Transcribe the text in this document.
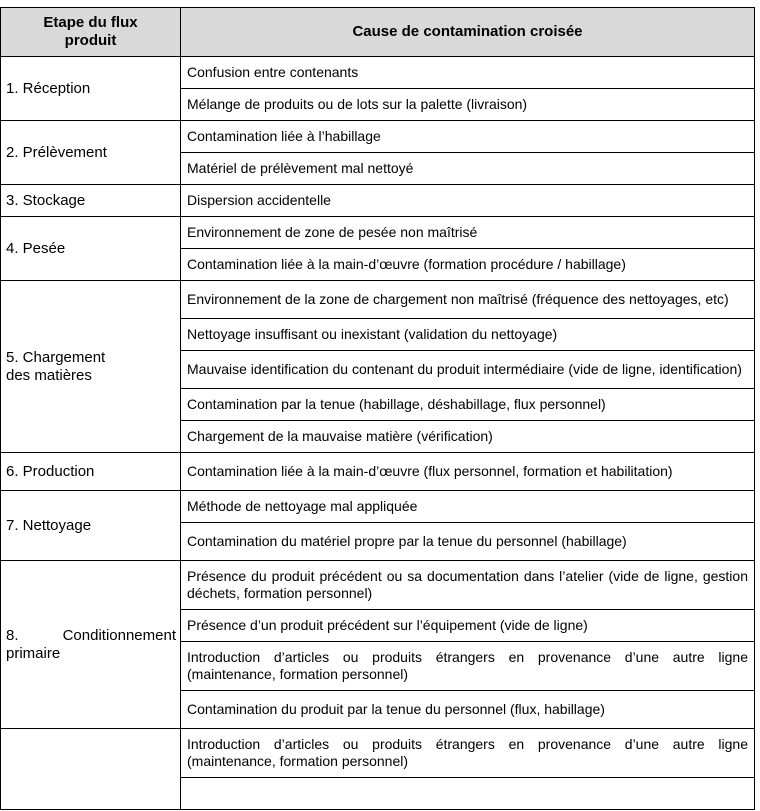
Etape du flux produit	Cause de contamination croisée
1. Réception	Confusion entre contenants
	Mélange de produits ou de lots sur la palette (livraison)
2. Prélèvement	Contamination liée à l’habillage
	Matériel de prélèvement mal nettoyé
3. Stockage	Dispersion accidentelle
4. Pesée	Environnement de zone de pesée non maîtrisé
	Contamination liée à la main-d’œuvre (formation procédure / habillage)
5. Chargement
des matières	Environnement de la zone de chargement non maîtrisé (fréquence des nettoyages, etc)
	Nettoyage insuffisant ou inexistant (validation du nettoyage)
	Mauvaise identification du contenant du produit intermédiaire (vide de ligne, identification)
	Contamination par la tenue (habillage, déshabillage, flux personnel)
	Chargement de la mauvaise matière (vérification)
6. Production	Contamination liée à la main-d’œuvre (flux personnel, formation et habilitation)
7. Nettoyage	Méthode de nettoyage mal appliquée
	Contamination du matériel propre par la tenue du personnel (habillage)

8. Conditionnement
primaire	Présence du produit précédent ou sa documentation dans l’atelier (vide de ligne, gestion déchets, formation personnel)
	Présence d’un produit précédent sur l’équipement (vide de ligne)
	Introduction d’articles ou produits étrangers en provenance d’une autre ligne (maintenance, formation personnel)
	Contamination du produit par la tenue du personnel (flux, habillage)
	Introduction d’articles ou produits étrangers en provenance d’une autre ligne (maintenance, formation personnel)
